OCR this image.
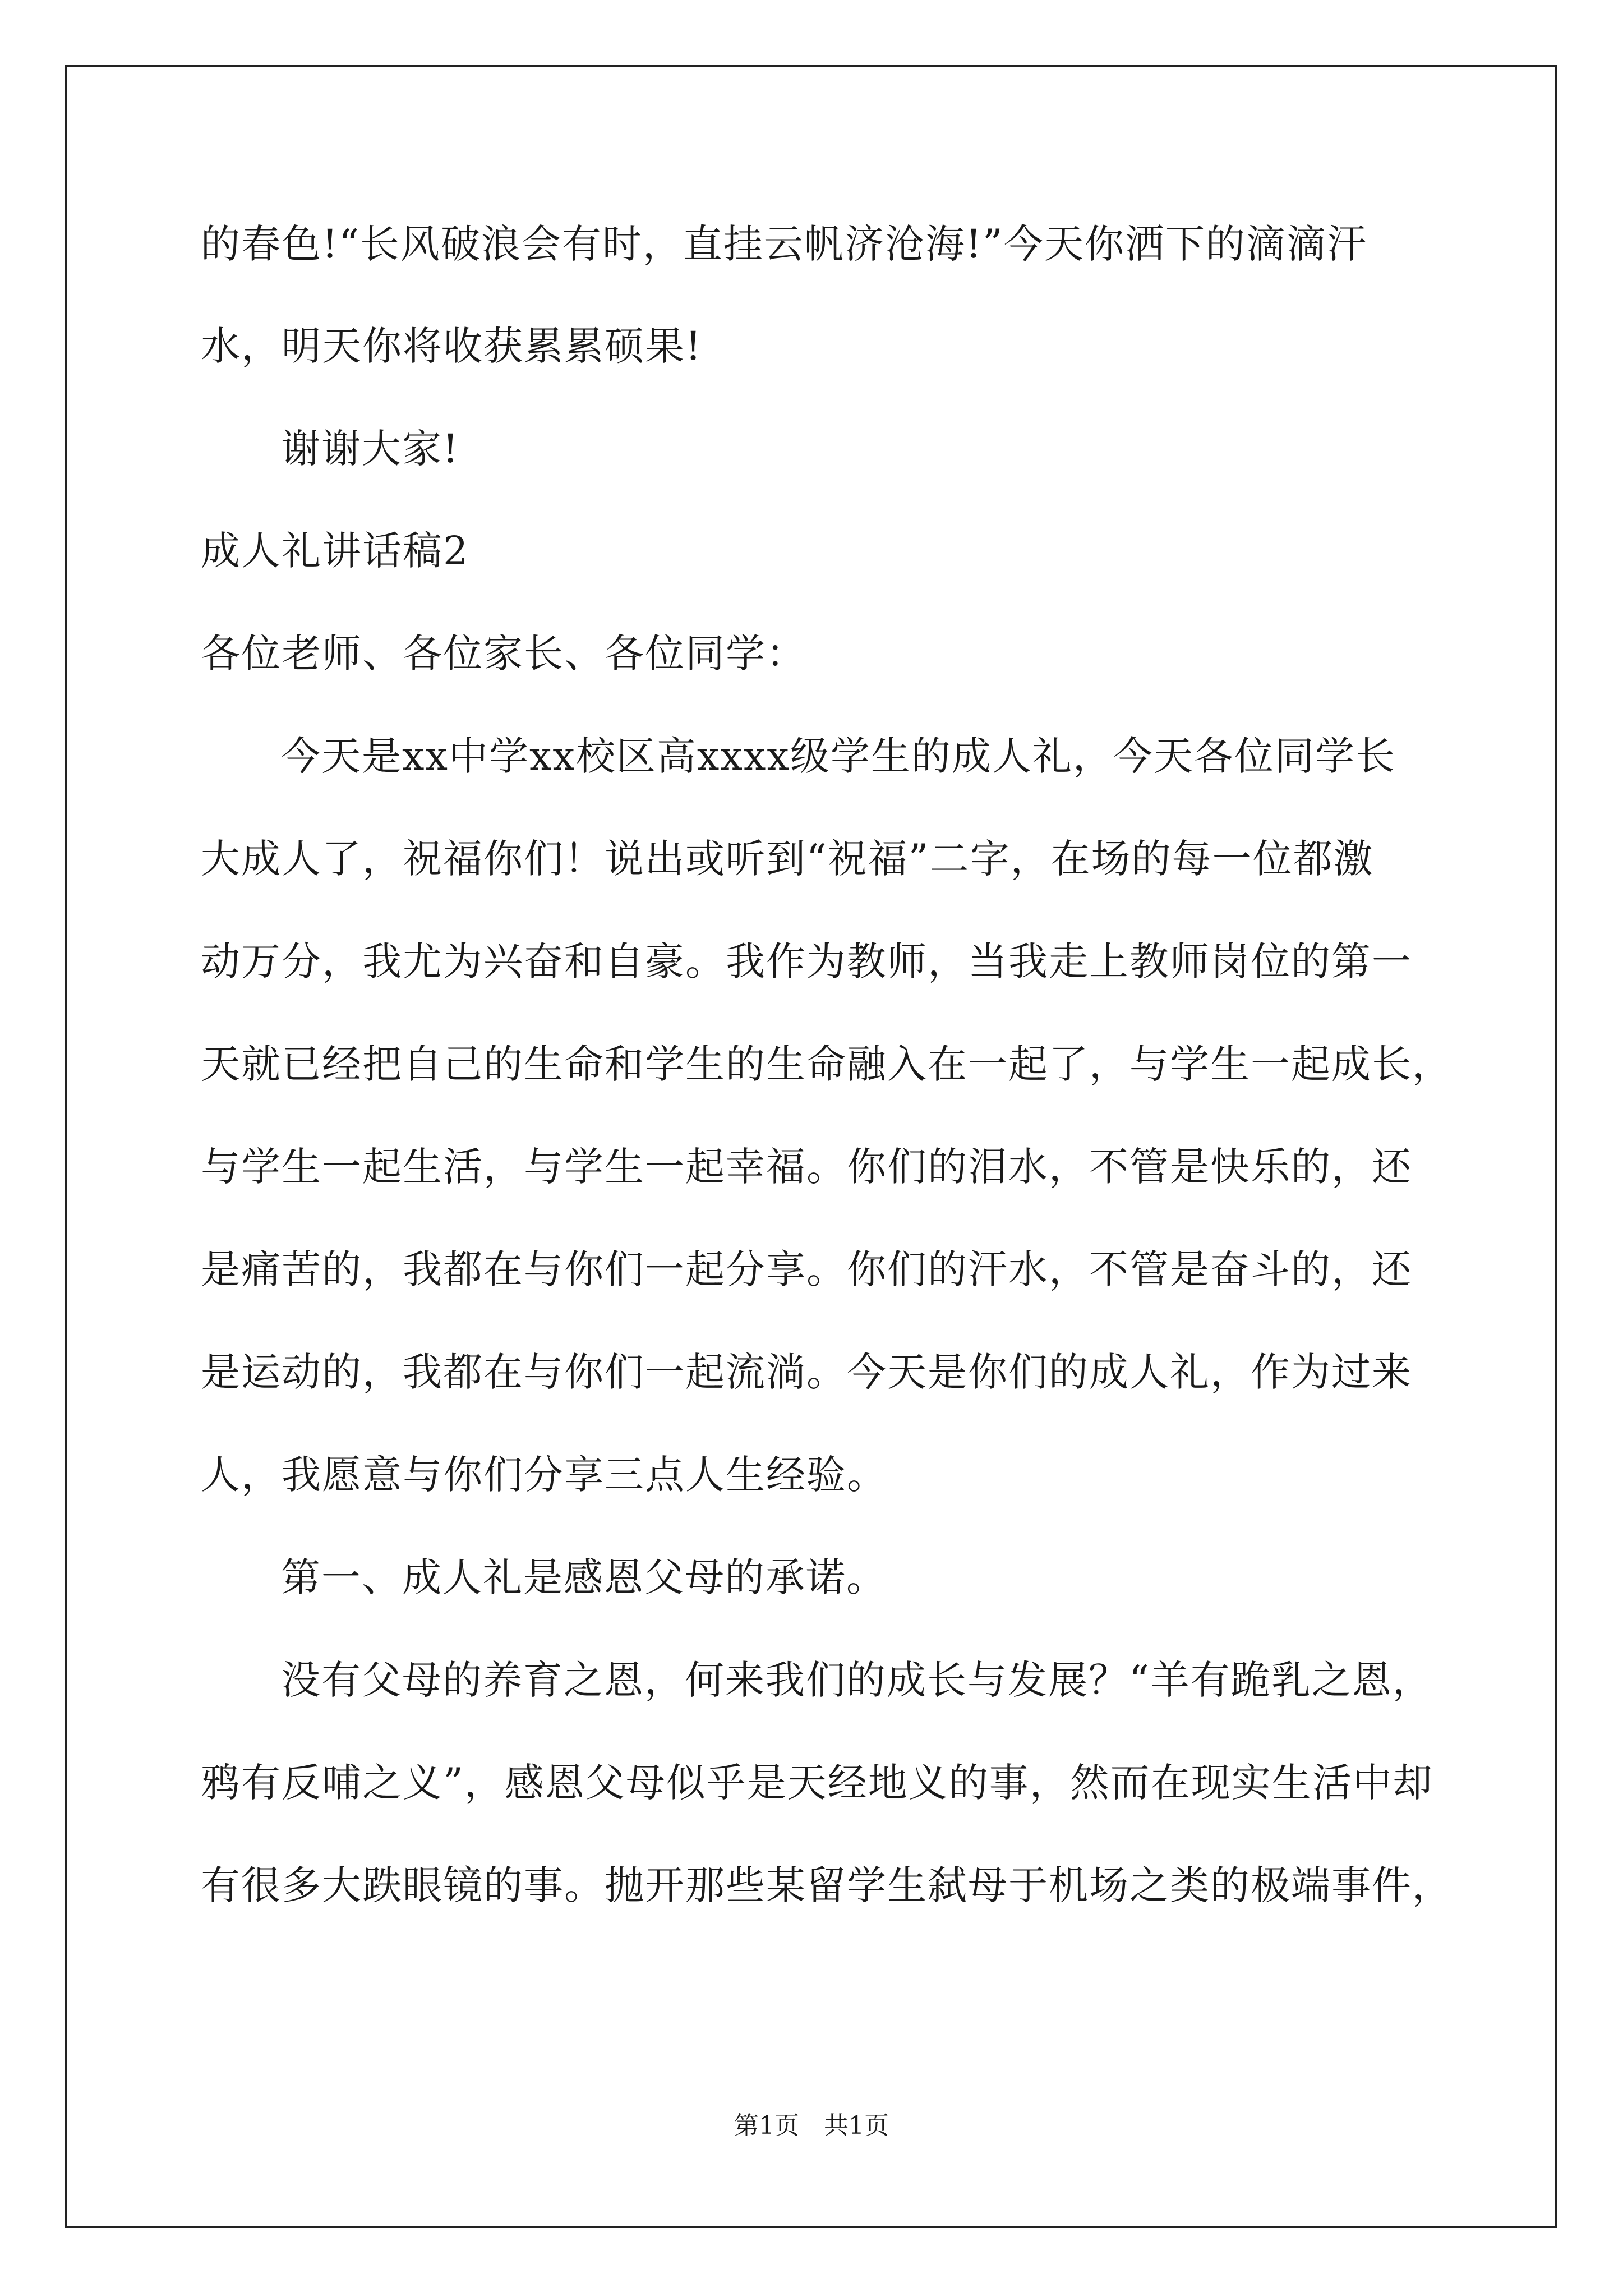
的春色!“长风破浪会有时，直挂云帆济沧海!”今天你洒下的滴滴汗
水，明天你将收获累累硕果!
谢谢大家!
成人礼讲话稿2
各位老师、各位家长、各位同学：
今天是xx中学xx校区高xxxx级学生的成人礼，今天各位同学长
大成人了，祝福你们！说出或听到“祝福”二字，在场的每一位都激
动万分，我尤为兴奋和自豪。我作为教师，当我走上教师岗位的第一
天就已经把自己的生命和学生的生命融入在一起了，与学生一起成长，
与学生一起生活，与学生一起幸福。你们的泪水，不管是快乐的，还
是痛苦的，我都在与你们一起分享。你们的汗水，不管是奋斗的，还
是运动的，我都在与你们一起流淌。今天是你们的成人礼，作为过来
人，我愿意与你们分享三点人生经验。
第一、成人礼是感恩父母的承诺。
没有父母的养育之恩，何来我们的成长与发展？“羊有跪乳之恩，
鸦有反哺之义”，感恩父母似乎是天经地义的事，然而在现实生活中却
有很多大跌眼镜的事。抛开那些某留学生弑母于机场之类的极端事件，
第1页　共1页
